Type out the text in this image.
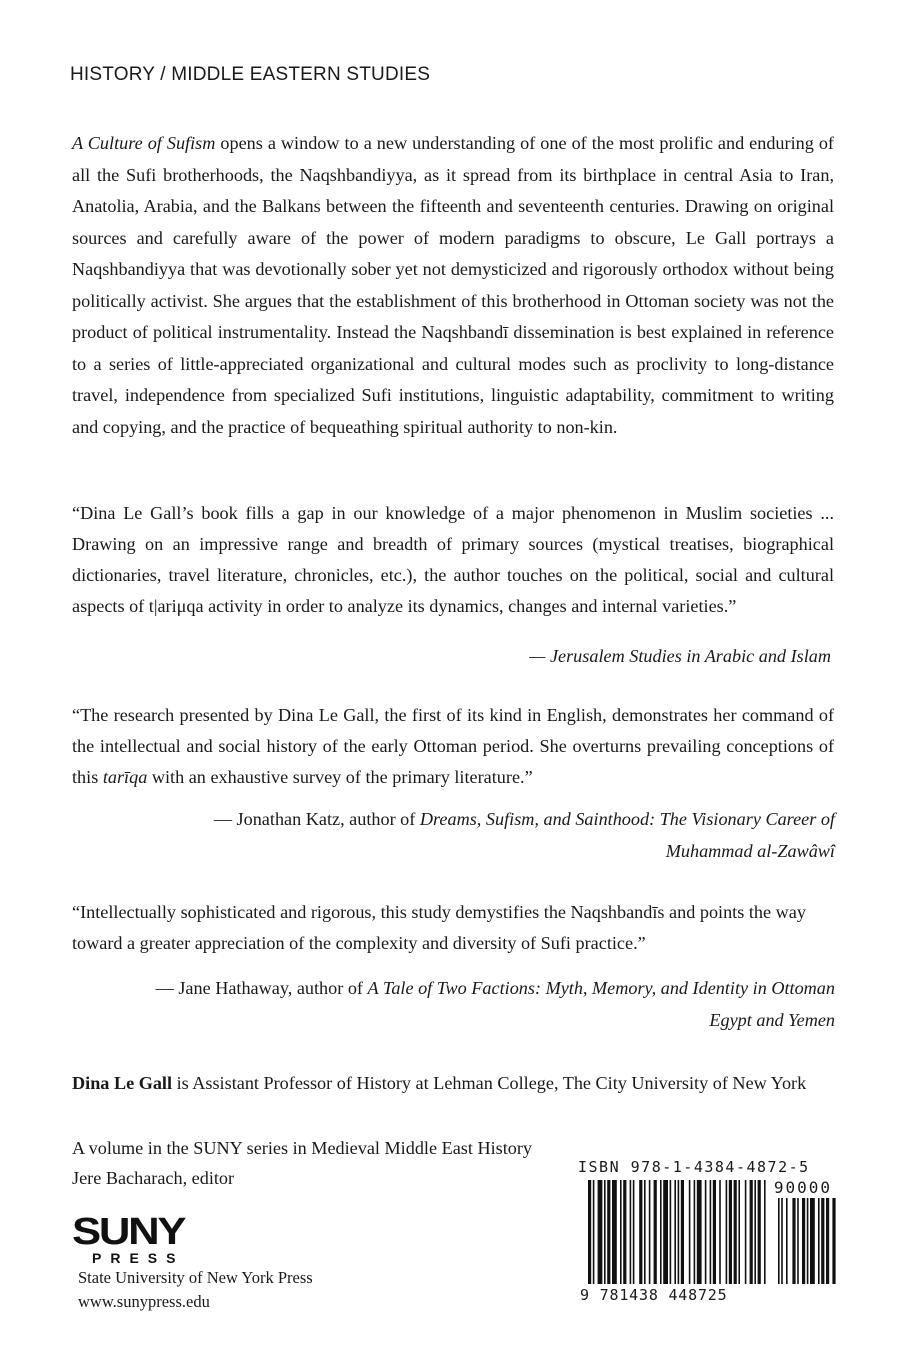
HISTORY / MIDDLE EASTERN STUDIES
A Culture of Sufism opens a window to a new understanding of one of the most prolific and enduring of all the Sufi brotherhoods, the Naqshbandiyya, as it spread from its birthplace in central Asia to Iran, Anatolia, Arabia, and the Balkans between the fifteenth and seventeenth centuries. Drawing on original sources and carefully aware of the power of modern paradigms to obscure, Le Gall portrays a Naqshbandiyya that was devotionally sober yet not demysticized and rigorously orthodox without being politically activist. She argues that the establishment of this brotherhood in Ottoman society was not the product of political instrumentality. Instead the Naqshbandī dissemination is best explained in reference to a series of little-appreciated organizational and cultural modes such as proclivity to long-distance travel, independence from specialized Sufi institutions, linguistic adaptability, commitment to writing and copying, and the practice of bequeathing spiritual authority to non-kin.
“Dina Le Gall’s book fills a gap in our knowledge of a major phenomenon in Muslim societies ... Drawing on an impressive range and breadth of primary sources (mystical treatises, biographical dictionaries, travel literature, chronicles, etc.), the author touches on the political, social and cultural aspects of t|ariμqa activity in order to analyze its dynamics, changes and internal varieties.”
— Jerusalem Studies in Arabic and Islam
“The research presented by Dina Le Gall, the first of its kind in English, demonstrates her command of the intellectual and social history of the early Ottoman period. She overturns prevailing conceptions of this tarīqa with an exhaustive survey of the primary literature.”
— Jonathan Katz, author of Dreams, Sufism, and Sainthood: The Visionary Career of Muhammad al-Zawâwî
“Intellectually sophisticated and rigorous, this study demystifies the Naqshbandīs and points the way toward a greater appreciation of the complexity and diversity of Sufi practice.”
— Jane Hathaway, author of A Tale of Two Factions: Myth, Memory, and Identity in Ottoman Egypt and Yemen
Dina Le Gall is Assistant Professor of History at Lehman College, The City University of New York
A volume in the SUNY series in Medieval Middle East History
Jere Bacharach, editor
SUNY
PRESS
State University of New York Press
www.sunypress.edu
ISBN 978-1-4384-4872-5
90000
9 781438 448725
